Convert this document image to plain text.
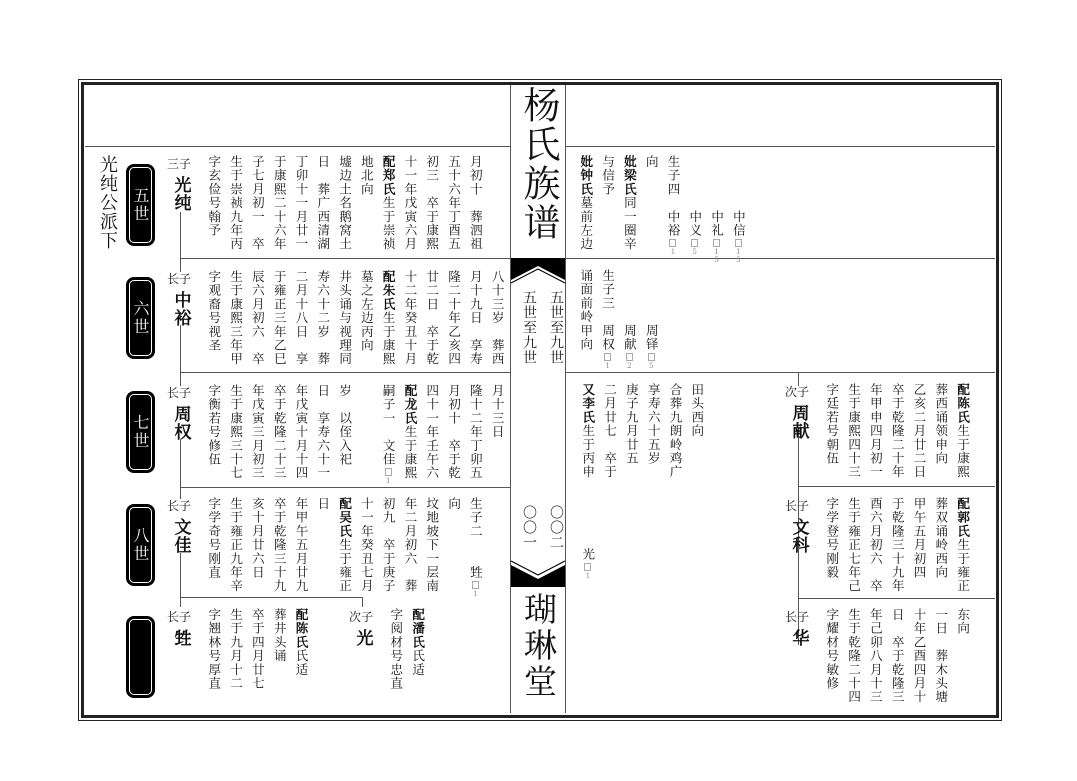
光纯公派下 五世
六世
七世
八世
杨氏族谱
五世至九世
五世至九世
〇〇二
〇〇一
瑚琳堂
三子
光纯	字玄俭号翰予 生于崇祯九年丙 子七月初一　卒 于康熙二十六年 丁卯十一月廿一 日　葬广西清湖 墟边土名鹅窝土 地北向 配郑氏生于崇祯 十一年戊寅六月 初三　卒于康熙 五十六年丁酉五 月初十　葬泗祖
长子
中裕	字观裔号视圣 生于康熙三年甲 辰六月初六　卒 于雍正三年乙巳 二月十八日　享 寿六十二岁　葬 井头诵与视理同 墓之左边丙向 配朱氏生于康熙 十二年癸丑十月 廿二日　卒于乾 隆二十年乙亥四 月十九日　享寿 八十三岁　葬西
长子
周权	字衡若号修伍 生于康熙三十七 年戊寅三月初三 卒于乾隆二十三 年戊寅十月十四 日　享寿六十一 岁　以侄入祀	嗣子一　文佳1
配龙氏生于康熙 四十一年壬午六 月初十　卒于乾 隆十二年丁卯五 月十三日
长子
文佳	字学奇号刚直 生于雍正九年辛 亥十月廿六日 卒于乾隆三十九 年甲午五月廿九 日 配吴氏生于雍正 十一年癸丑七月 初九　卒于庚子 年二月初六　葬 坟地坡下一层南 向 生子二　　甡1
长子
甡	字翘林号厚直 生于九月十二 卒于四月廿七 葬井头诵 配陈氏氏适
次子
光	字阅材号忠直 配潘氏氏适
妣钟氏墓前左边
与信予 妣梁氏同一圈辛
向 生子四　中裕1
　　　　中义5
　　　　中礼15
　　　　中信15
诵面前岭甲向 生子三　周权1
　　　　周献2
　　　　周铎5
又李氏生于丙申　　　　　光1
二月廿七　卒于 庚子九月廿五 享寿六十五岁 合葬九朗岭鸡广 田头西向	次子
周献	字廷若号朝伍 生于康熙四十三 年甲申四月初一 卒于乾隆二十年 乙亥二月廿二日 葬西诵领申向 配陈氏生于康熙
长子
文科	字学登号刚毅 生于雍正七年己 酉六月初六　卒 于乾隆三十九年 甲午五月初四 葬双诵岭西向 配郭氏生于雍正
长子
华	字耀材号敏修 生于乾隆二十四 年己卯八月十三 日　卒于乾隆三 十年乙酉四月十 一日　葬木头塘 东向
